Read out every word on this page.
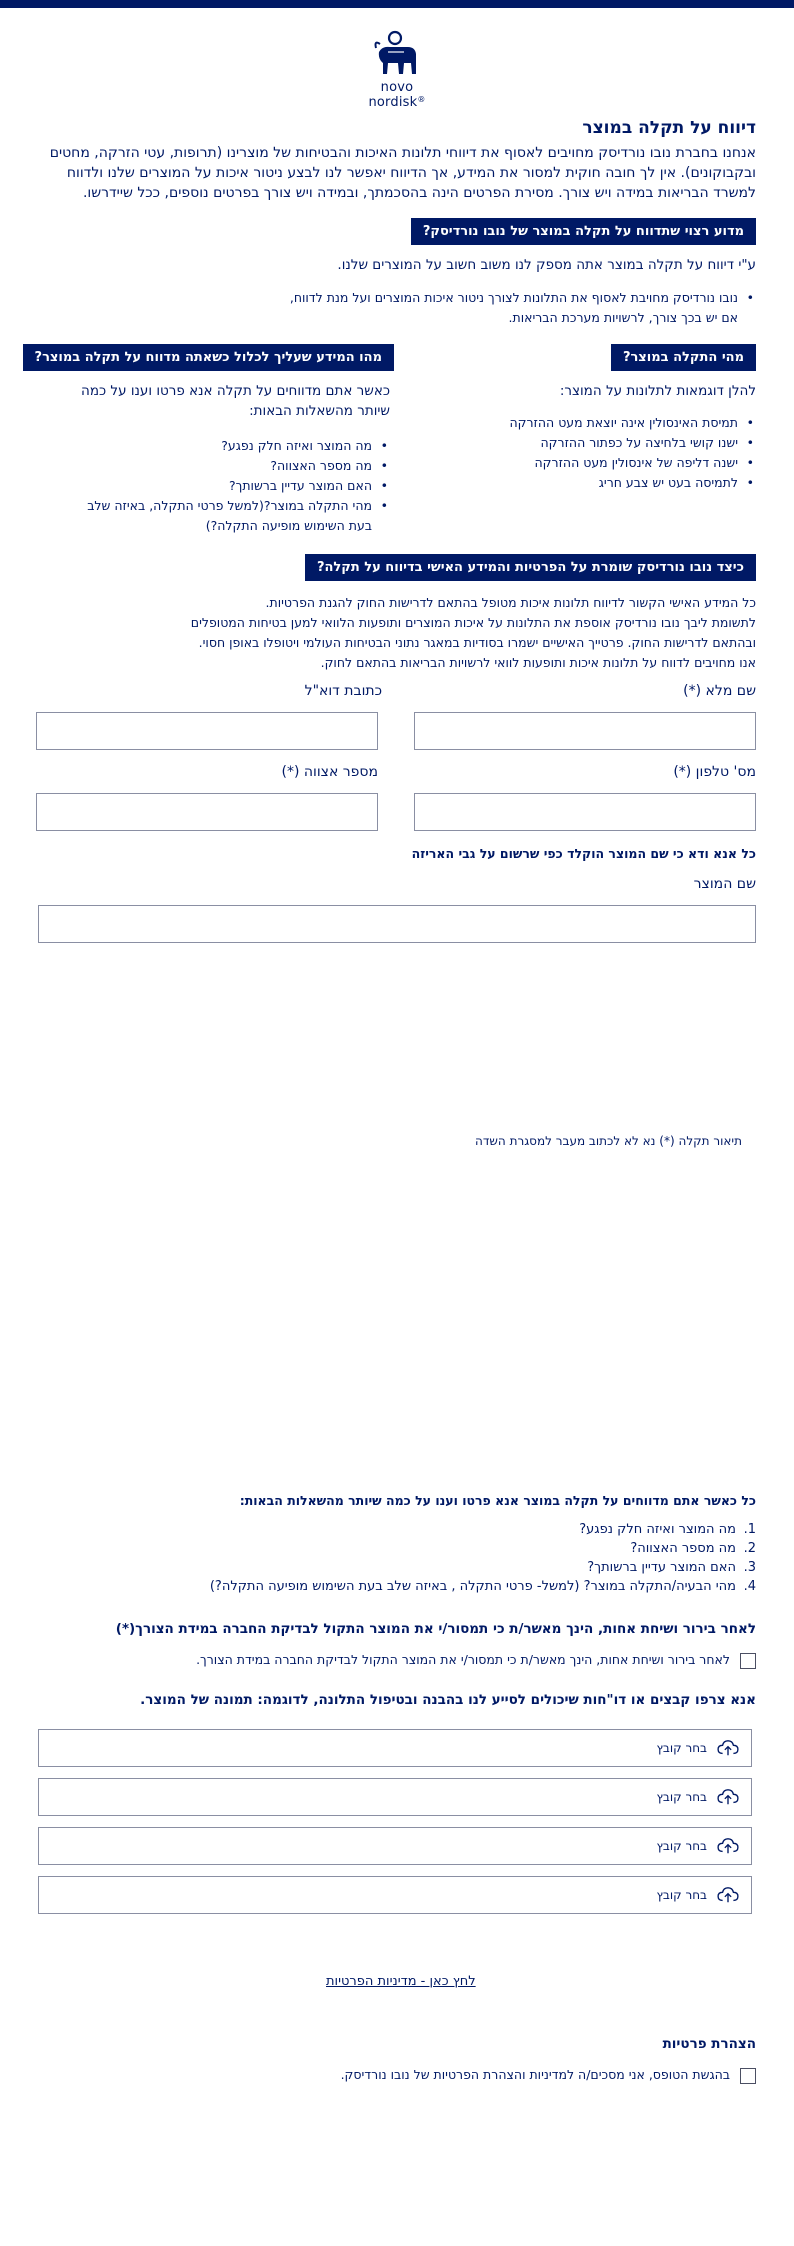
novo nordisk®
דיווח על תקלה במוצר
אנחנו בחברת נובו נורדיסק מחויבים לאסוף את דיווחי תלונות האיכות והבטיחות של מוצרינו (תרופות, עטי הזרקה, מחטים ובקבוקונים). אין לך חובה חוקית למסור את המידע, אך הדיווח יאפשר לנו לבצע ניטור איכות על המוצרים שלנו ולדווח למשרד הבריאות במידה ויש צורך. מסירת הפרטים הינה בהסכמתך, ובמידה ויש צורך בפרטים נוספים, ככל שיידרשו.
מדוע רצוי שתדווח על תקלה במוצר של נובו נורדיסק?
ע"י דיווח על תקלה במוצר אתה מספק לנו משוב חשוב על המוצרים שלנו.
• נובו נורדיסק מחויבת לאסוף את התלונות לצורך ניטור איכות המוצרים ועל מנת לדווח,
אם יש בכך צורך, לרשויות מערכת הבריאות.
מהי התקלה במוצר?
להלן דוגמאות לתלונות על המוצר:
• תמיסת האינסולין אינה יוצאת מעט ההזרקה
• ישנו קושי בלחיצה על כפתור ההזרקה
• ישנה דליפה של אינסולין מעט ההזרקה
• לתמיסה בעט יש צבע חריג
מהו המידע שעליך לכלול כשאתה מדווח על תקלה במוצר?
כאשר אתם מדווחים על תקלה אנא פרטו וענו על כמה
שיותר מהשאלות הבאות:
• מה המוצר ואיזה חלק נפגע?
• מה מספר האצווה?
• האם המוצר עדיין ברשותך?
• מהי התקלה במוצר?(למשל פרטי התקלה, באיזה שלב
בעת השימוש מופיעה התקלה?)
כיצד נובו נורדיסק שומרת על הפרטיות והמידע האישי בדיווח על תקלה?
כל המידע האישי הקשור לדיווח תלונות איכות מטופל בהתאם לדרישות החוק להגנת הפרטיות.
לתשומת ליבך נובו נורדיסק אוספת את התלונות על איכות המוצרים ותופעות הלוואי למען בטיחות המטופלים
ובהתאם לדרישות החוק. פרטייך האישיים ישמרו בסודיות במאגר נתוני הבטיחות העולמי ויטופלו באופן חסוי.
אנו מחויבים לדווח על תלונות איכות ותופעות לוואי לרשויות הבריאות בהתאם לחוק.
שם מלא (*)
כתובת דוא"ל
מס' טלפון (*)
מספר אצווה (*)
כל אנא ודא כי שם המוצר הוקלד כפי שרשום על גבי האריזה
שם המוצר
תיאור תקלה (*) נא לא לכתוב מעבר למסגרת השדה
כל כאשר אתם מדווחים על תקלה במוצר אנא פרטו וענו על כמה שיותר מהשאלות הבאות:
1.
מה המוצר ואיזה חלק נפגע?
2.
מה מספר האצווה?
3.
האם המוצר עדיין ברשותך?
4.
מהי הבעיה/התקלה במוצר? (למשל- פרטי התקלה , באיזה שלב בעת השימוש מופיעה התקלה?)
לאחר בירור ושיחת אחות, הינך מאשר/ת כי תמסור/י את המוצר התקול לבדיקת החברה במידת הצורך(*)
לאחר בירור ושיחת אחות, הינך מאשר/ת כי תמסור/י את המוצר התקול לבדיקת החברה במידת הצורך.
אנא צרפו קבצים או דו"חות שיכולים לסייע לנו בהבנה ובטיפול התלונה, לדוגמה: תמונה של המוצר.
בחר קובץ
בחר קובץ
בחר קובץ
בחר קובץ
לחץ כאן - מדיניות הפרטיות
הצהרת פרטיות
בהגשת הטופס, אני מסכים/ה למדיניות והצהרת הפרטיות של נובו נורדיסק.
